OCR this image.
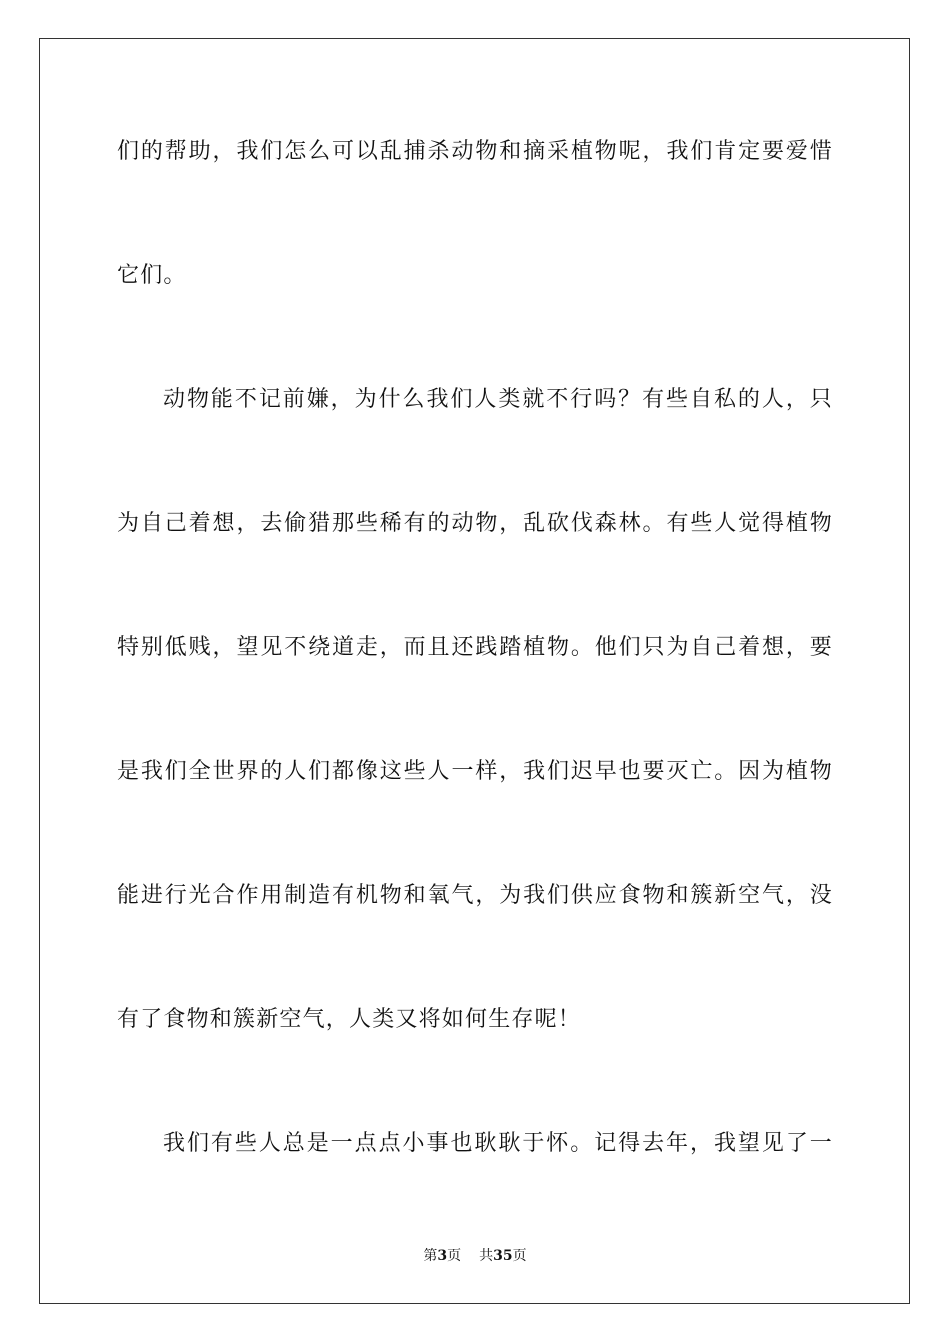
们的帮助，我们怎么可以乱捕杀动物和摘采植物呢，我们肯定要爱惜
它们。
动物能不记前嫌，为什么我们人类就不行吗？有些自私的人，只
为自己着想，去偷猎那些稀有的动物，乱砍伐森林。有些人觉得植物
特别低贱，望见不绕道走，而且还践踏植物。他们只为自己着想，要
是我们全世界的人们都像这些人一样，我们迟早也要灭亡。因为植物
能进行光合作用制造有机物和氧气，为我们供应食物和簇新空气，没
有了食物和簇新空气，人类又将如何生存呢！
我们有些人总是一点点小事也耿耿于怀。记得去年，我望见了一
第3页 共35页
